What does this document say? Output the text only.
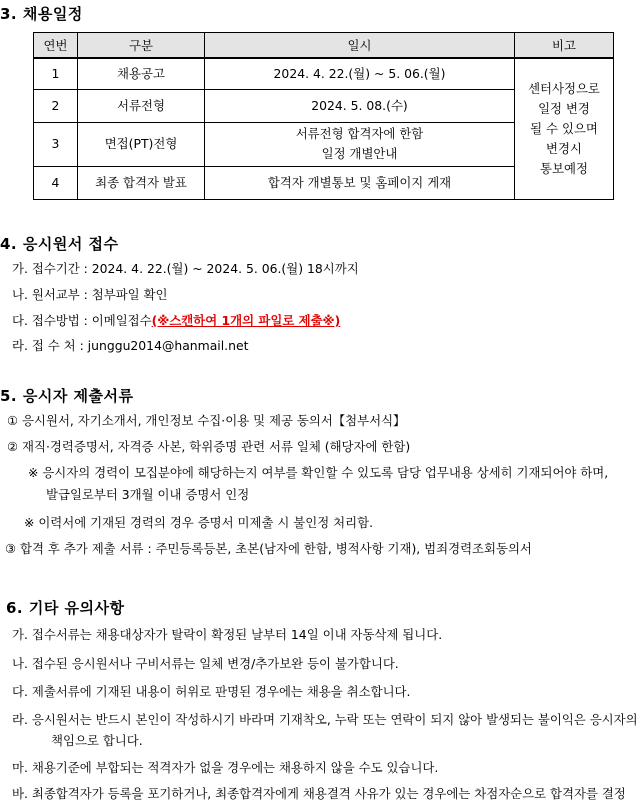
3. 채용일정
연번	구분	일시	비고
1	채용공고	2024. 4. 22.(월) ~ 5. 06.(월)	센터사정으로
일정 변경
될 수 있으며
변경시
통보예정

2	서류전형	2024. 5. 08.(수)	
3	면접(PT)전형	서류전형 합격자에 한함
일정 개별안내	

4	최종 합격자 발표	합격자 개별통보 및 홈페이지 게재	
4. 응시원서 접수
가. 접수기간 : 2024. 4. 22.(월) ~ 2024. 5. 06.(월) 18시까지
나. 원서교부 : 첨부파일 확인
다. 접수방법 : 이메일접수(※스캔하여 1개의 파일로 제출※)
라. 접 수 처 : junggu2014@hanmail.net
5. 응시자 제출서류
① 응시원서, 자기소개서, 개인정보 수집·이용 및 제공 동의서【첨부서식】
② 재직·경력증명서, 자격증 사본, 학위증명 관련 서류 일체 (해당자에 한함)
※ 응시자의 경력이 모집분야에 해당하는지 여부를 확인할 수 있도록 담당 업무내용 상세히 기재되어야 하며,
발급일로부터 3개월 이내 증명서 인정
※ 이력서에 기재된 경력의 경우 증명서 미제출 시 불인정 처리함.
③ 합격 후 추가 제출 서류 : 주민등록등본, 초본(남자에 한함, 병적사항 기재), 범죄경력조회동의서
6. 기타 유의사항
가. 접수서류는 채용대상자가 탈락이 확정된 날부터 14일 이내 자동삭제 됩니다.
나. 접수된 응시원서나 구비서류는 일체 변경/추가보완 등이 불가합니다.
다. 제출서류에 기재된 내용이 허위로 판명된 경우에는 채용을 취소합니다.
라. 응시원서는 반드시 본인이 작성하시기 바라며 기재착오, 누락 또는 연락이 되지 않아 발생되는 불이익은 응시자의
책임으로 합니다.
마. 채용기준에 부합되는 적격자가 없을 경우에는 채용하지 않을 수도 있습니다.
바. 최종합격자가 등록을 포기하거나, 최종합격자에게 채용결격 사유가 있는 경우에는 차점자순으로 합격자를 결정
